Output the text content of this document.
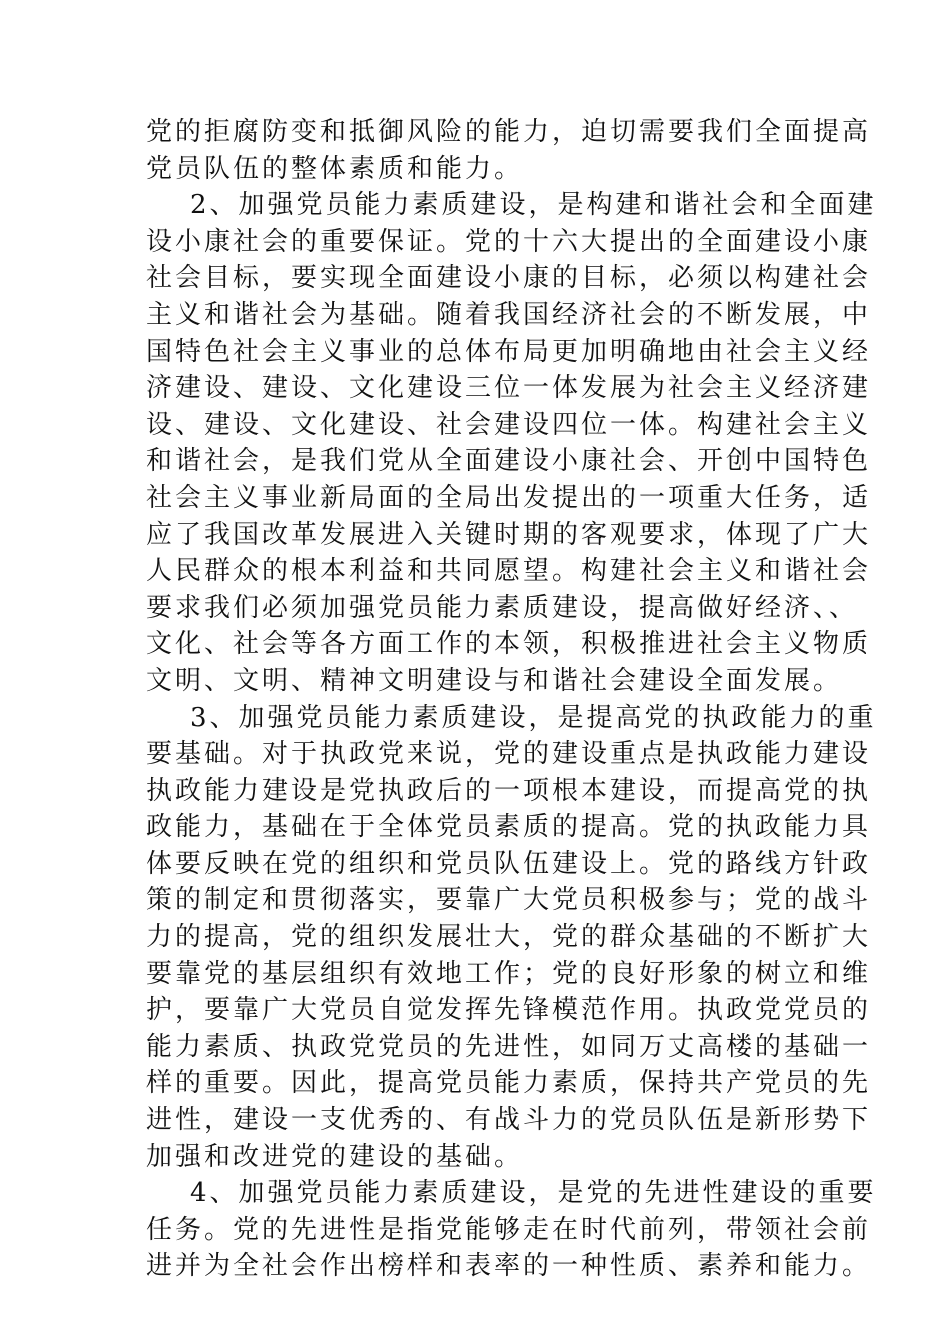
党的拒腐防变和抵御风险的能力，迫切需要我们全面提高
党员队伍的整体素质和能力。
2、加强党员能力素质建设，是构建和谐社会和全面建
设小康社会的重要保证。党的十六大提出的全面建设小康
社会目标，要实现全面建设小康的目标，必须以构建社会
主义和谐社会为基础。随着我国经济社会的不断发展，中
国特色社会主义事业的总体布局更加明确地由社会主义经
济建设、建设、文化建设三位一体发展为社会主义经济建
设、建设、文化建设、社会建设四位一体。构建社会主义
和谐社会，是我们党从全面建设小康社会、开创中国特色
社会主义事业新局面的全局出发提出的一项重大任务，适
应了我国改革发展进入关键时期的客观要求，体现了广大
人民群众的根本利益和共同愿望。构建社会主义和谐社会
要求我们必须加强党员能力素质建设，提高做好经济、、
文化、社会等各方面工作的本领，积极推进社会主义物质
文明、文明、精神文明建设与和谐社会建设全面发展。
3、加强党员能力素质建设，是提高党的执政能力的重
要基础。对于执政党来说，党的建设重点是执政能力建设
执政能力建设是党执政后的一项根本建设，而提高党的执
政能力，基础在于全体党员素质的提高。党的执政能力具
体要反映在党的组织和党员队伍建设上。党的路线方针政
策的制定和贯彻落实，要靠广大党员积极参与；党的战斗
力的提高，党的组织发展壮大，党的群众基础的不断扩大
要靠党的基层组织有效地工作；党的良好形象的树立和维
护，要靠广大党员自觉发挥先锋模范作用。执政党党员的
能力素质、执政党党员的先进性，如同万丈高楼的基础一
样的重要。因此，提高党员能力素质，保持共产党员的先
进性，建设一支优秀的、有战斗力的党员队伍是新形势下
加强和改进党的建设的基础。
4、加强党员能力素质建设，是党的先进性建设的重要
任务。党的先进性是指党能够走在时代前列，带领社会前
进并为全社会作出榜样和表率的一种性质、素养和能力。
